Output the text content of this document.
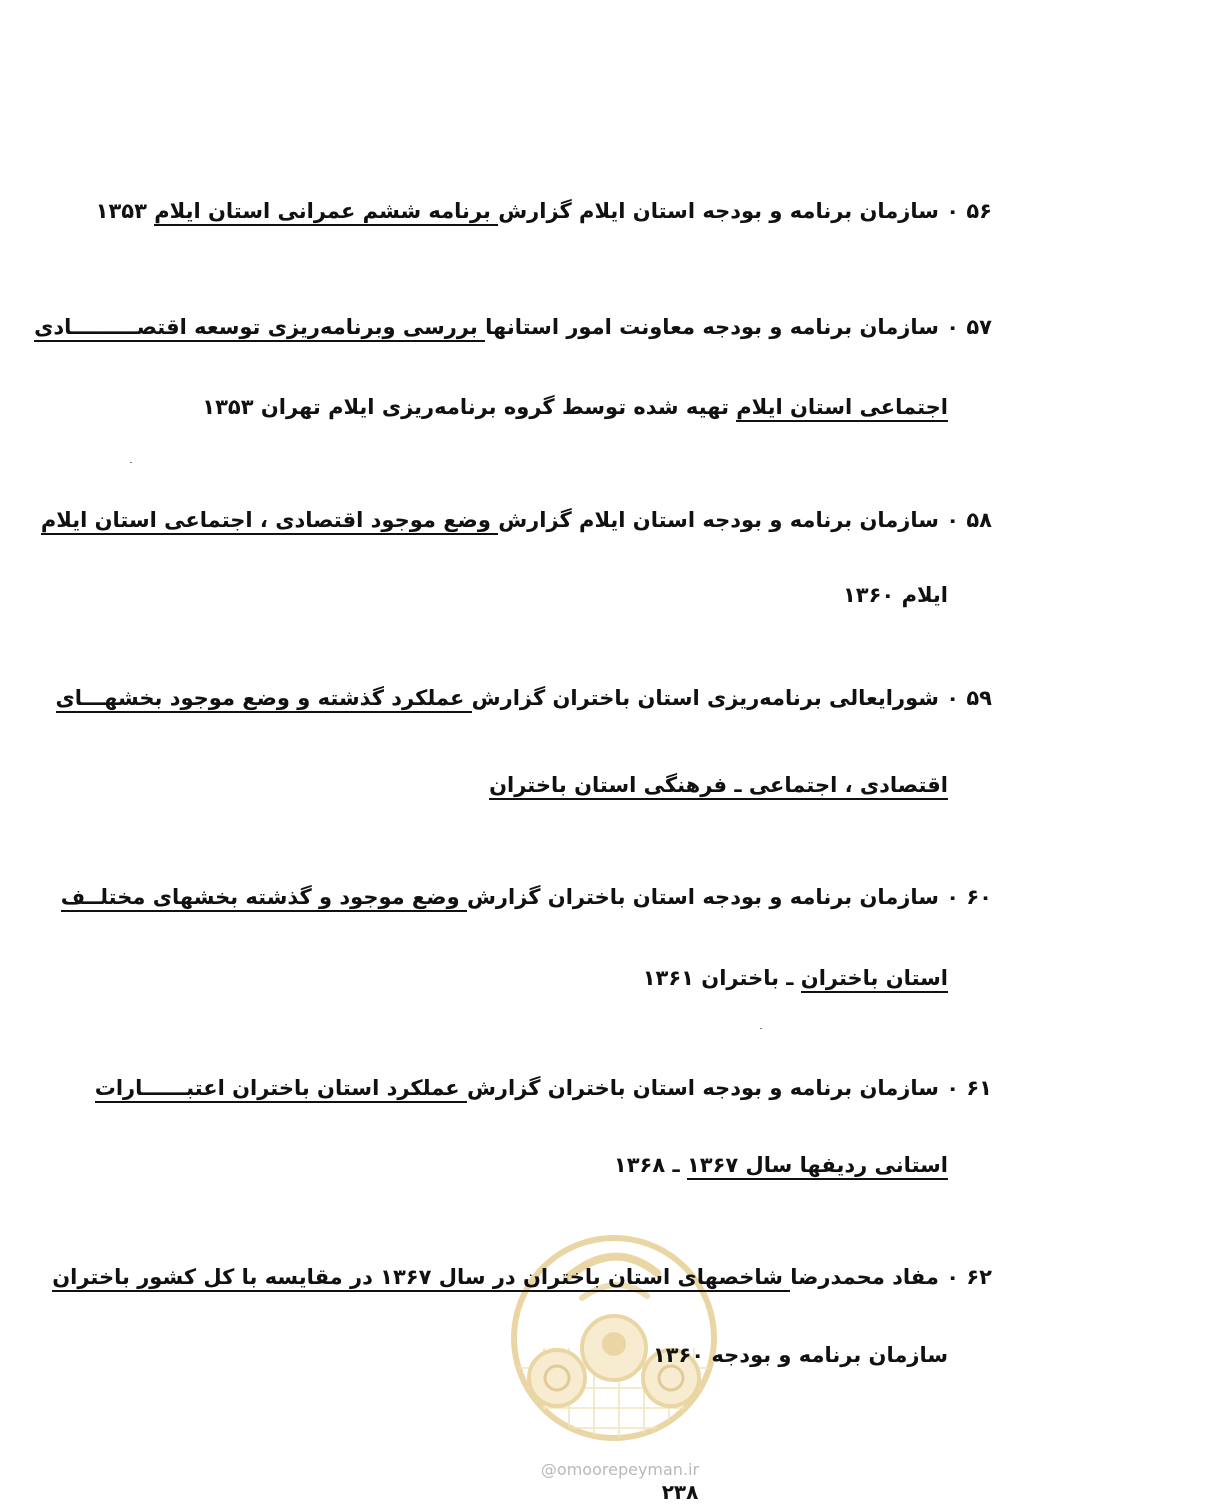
۵۶ ۰ سازمان برنامه و بودجه استان ایلام گزارش برنامه ششم عمرانی استان ایلام ۱۳۵۳
۵۷ ۰ سازمان برنامه و بودجه معاونت امور استانها بررسی وبرنامه‌ریزی توسعه اقتصـــــــــادی
اجتماعی استان ایلام تهیه شده توسط گروه برنامه‌ریزی ایلام تهران ۱۳۵۳
۵۸ ۰ سازمان برنامه و بودجه استان ایلام گزارش وضع موجود اقتصادی ، اجتماعی استان ایلام
ایلام ۱۳۶۰
۵۹ ۰ شورایعالی برنامه‌ریزی استان باختران گزارش عملکرد گذشته و وضع موجود بخشهـــای
اقتصادی ، اجتماعی ـ فرهنگی استان باختران
۶۰ ۰ سازمان برنامه و بودجه استان باختران گزارش وضع موجود و گذشته بخشهای مختلــف
استان باختران ـ باختران ۱۳۶۱
۶۱ ۰ سازمان برنامه و بودجه استان باختران گزارش عملکرد استان باختران اعتبــــــارات
استانی ردیفها سال ۱۳۶۷ ـ ۱۳۶۸
۶۲ ۰ مفاد محمدرضا شاخصهای استان باختران در سال ۱۳۶۷ در مقایسه با کل کشور باختران
سازمان برنامه و بودجه ۱۳۶۰
@omoorepeyman.ir
۲۳۸
